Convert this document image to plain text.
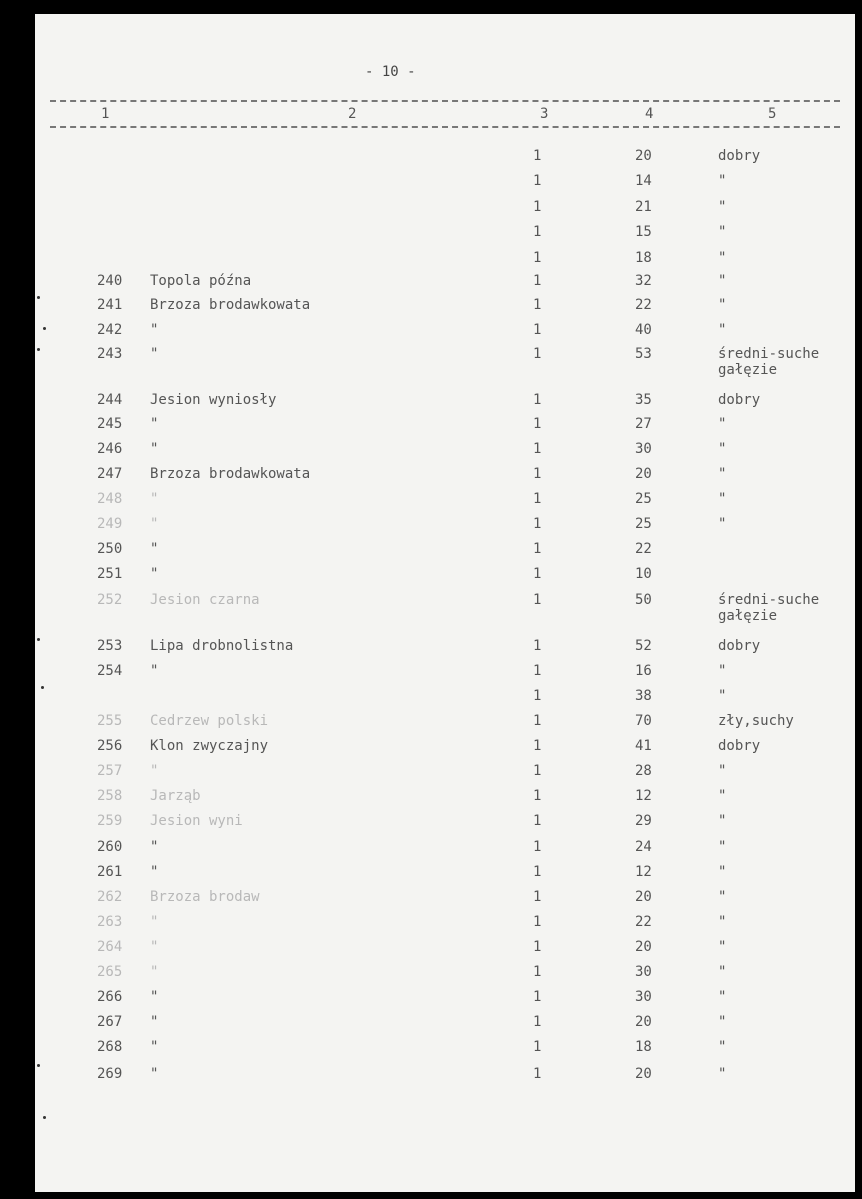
- 10 -
1	2	3	4	5
1	20	dobry
1	14	"
1	21	"
1	15	"
1	18	"
240 Topola późna	1	32	"
241 Brzoza brodawkowata	1	22	"
242 "	1	40	"
243 "	1	53	średni-suche
gałęzie
244 Jesion wyniosły	1	35	dobry
245 "	1	27	"
246 "	1	30	"
247 Brzoza brodawkowata	1	20	"
248 "	1	25	"
249 "	1	25	"
250 "	1	22
251 "	1	10
252 Jesion czarna	1	50	średni-suche
gałęzie
253 Lipa drobnolistna	1	52	dobry
254 "	1	16	"
1	38	"
255 Cedrzew polski	1	70	zły,suchy
256 Klon zwyczajny	1	41	dobry
257 "	1	28	"
258 Jarząb	1	12	"
259 Jesion wyni	1	29	"
260 "	1	24	"
261 "	1	12	"
262 Brzoza brodaw	1	20	"
263 "	1	22	"
264 "	1	20	"
265 "	1	30	"
266 "	1	30	"
267 "	1	20	"
268 "	1	18	"
269 "	1	20	"
